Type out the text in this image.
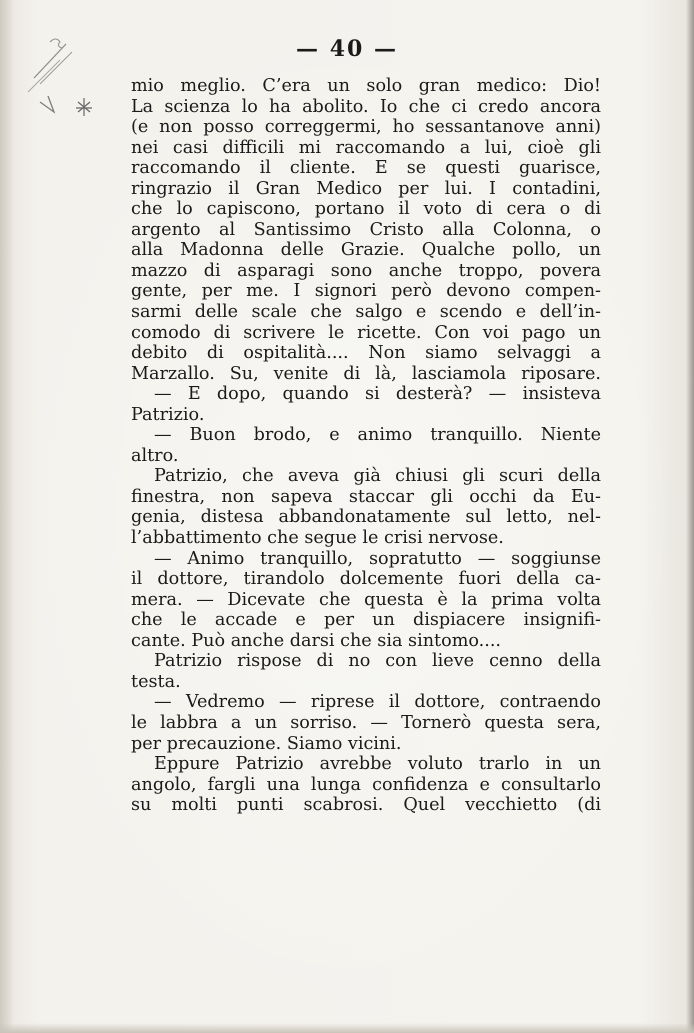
— 40 —
mio meglio. C’era un solo gran medico: Dio!
La scienza lo ha abolito. Io che ci credo ancora
(e non posso correggermi, ho sessantanove anni)
nei casi difficili mi raccomando a lui, cioè gli
raccomando il cliente. E se questi guarisce,
ringrazio il Gran Medico per lui. I contadini,
che lo capiscono, portano il voto di cera o di
argento al Santissimo Cristo alla Colonna, o
alla Madonna delle Grazie. Qualche pollo, un
mazzo di asparagi sono anche troppo, povera
gente, per me. I signori però devono compen-
sarmi delle scale che salgo e scendo e dell’in-
comodo di scrivere le ricette. Con voi pago un
debito di ospitalità.... Non siamo selvaggi a
Marzallo. Su, venite di là, lasciamola riposare.
— E dopo, quando si desterà? — insisteva
Patrizio.
— Buon brodo, e animo tranquillo. Niente
altro.
Patrizio, che aveva già chiusi gli scuri della
finestra, non sapeva staccar gli occhi da Eu-
genia, distesa abbandonatamente sul letto, nel-
l’abbattimento che segue le crisi nervose.
— Animo tranquillo, sopratutto — soggiunse
il dottore, tirandolo dolcemente fuori della ca-
mera. — Dicevate che questa è la prima volta
che le accade e per un dispiacere insignifi-
cante. Può anche darsi che sia sintomo....
Patrizio rispose di no con lieve cenno della
testa.
— Vedremo — riprese il dottore, contraendo
le labbra a un sorriso. — Tornerò questa sera,
per precauzione. Siamo vicini.
Eppure Patrizio avrebbe voluto trarlo in un
angolo, fargli una lunga confidenza e consultarlo
su molti punti scabrosi. Quel vecchietto (di
